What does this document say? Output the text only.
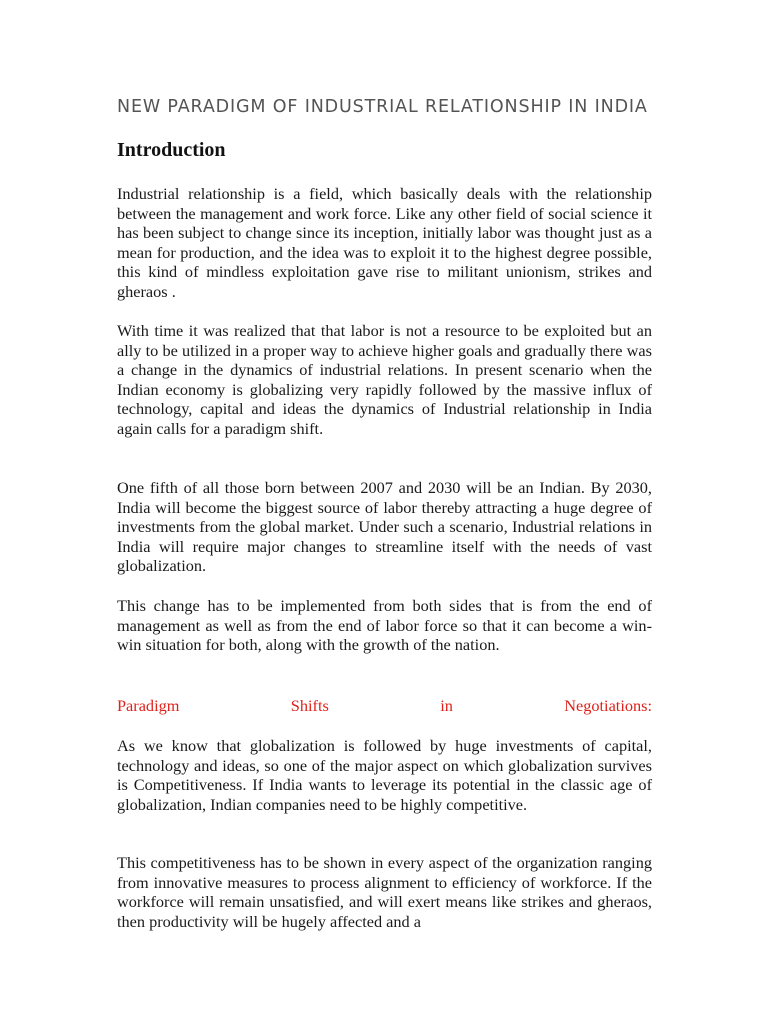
NEW PARADIGM OF INDUSTRIAL RELATIONSHIP IN INDIA
Introduction

Industrial relationship is a field, which basically deals with the relationship between the management and work force. Like any other field of social science it has been subject to change since its inception, initially labor was thought just as a mean for production, and the idea was to exploit it to the highest degree possible, this kind of mindless exploitation gave rise to militant unionism, strikes and gheraos .

With time it was realized that that labor is not a resource to be exploited but an ally to be utilized in a proper way to achieve higher goals and gradually there was a change in the dynamics of industrial relations. In present scenario when the Indian economy is globalizing very rapidly followed by the massive influx of technology, capital and ideas the dynamics of Industrial relationship in India again calls for a paradigm shift.

One fifth of all those born between 2007 and 2030 will be an Indian. By 2030, India will become the biggest source of labor thereby attracting a huge degree of investments from the global market. Under such a scenario, Industrial relations in India will require major changes to streamline itself with the needs of vast globalization.

This change has to be implemented from both sides that is from the end of management as well as from the end of labor force so that it can become a win- win situation for both, along with the growth of the nation.

Paradigm Shifts in Negotiations:

As we know that globalization is followed by huge investments of capital, technology and ideas, so one of the major aspect on which globalization survives is Competitiveness. If India wants to leverage its potential in the classic age of globalization, Indian companies need to be highly competitive.

This competitiveness has to be shown in every aspect of the organization ranging from innovative measures to process alignment to efficiency of workforce. If the workforce will remain unsatisfied, and will exert means like strikes and gheraos, then productivity will be hugely affected and a
